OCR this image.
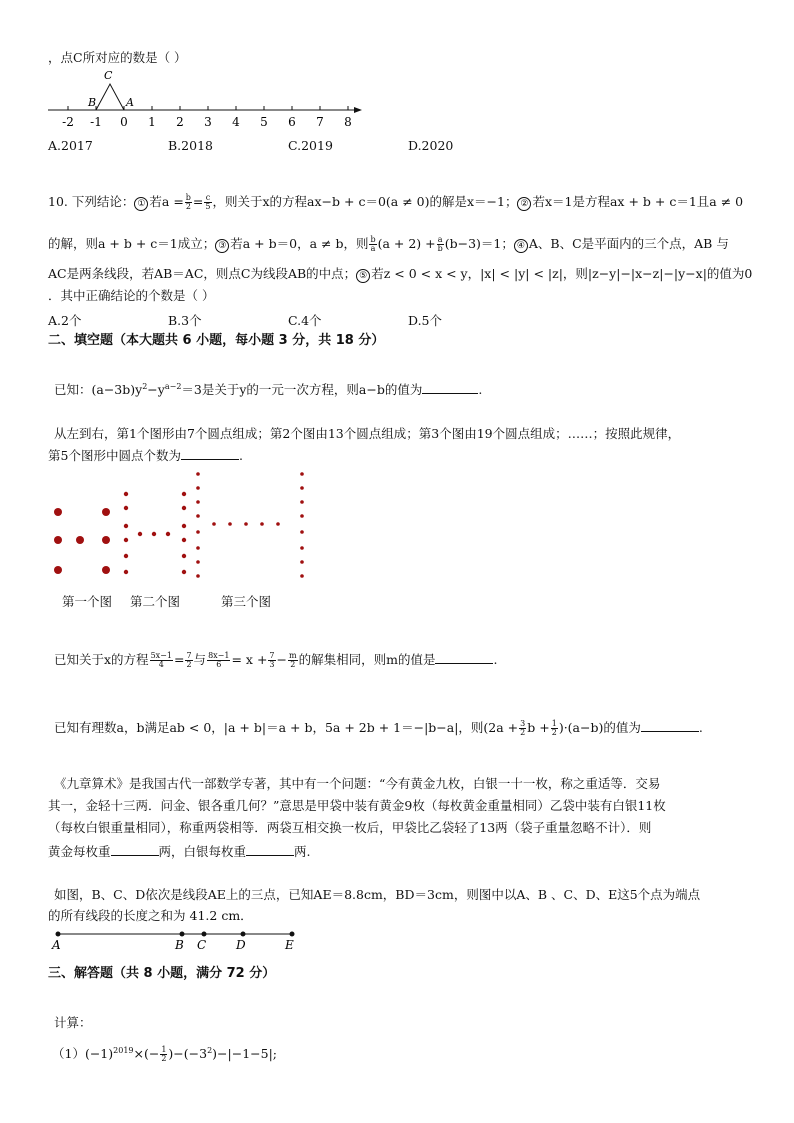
，点C所对应的数是（ ）
C
B	A
-2 -1 0 1 2 3 4 5 6 7 8
A.2017	B.2018	C.2019	D.2020
10. 下列结论： ① 若$a = \frac{b}{2} = \frac{c}{5}$ ，则关于x的方程ax−b + c＝0(a ≠ 0)的解是x＝−1； ② 若x＝1是方程ax + b + c＝1且a ≠ 0
的解，则a + b + c＝1成立； ③ 若a + b＝0，a ≠ b，则 $\frac{b}{a} (a + 2) + \frac{a}{b} (b-3)=1$； ④ A、B、C是平面内的三个点，AB 与
AC是两条线段，若AB＝AC，则点C为线段AB的中点； ⑤ 若z < 0 < x < y，|x| < |y| < |z|，则|z−y|−|x−z|−|y−x|的值为0
．其中正确结论的个数是（ ）
A.2个	B.3个	C.4个	D.5个
二、填空题（本大题共 6 小题，每小题 3 分，共 18 分）
已知：$(a-3b)y^2-y^{a-2}=3$是关于y的一元一次方程，则a−b的值为	.
从左到右，第1个图形由7个圆点组成；第2个图由13个圆点组成；第3个图由19个圆点组成；……；按照此规律，
第5个图形中圆点个数为	.
第一个图 第二个图	第三个图
已知关于x的方程 $\frac{5x-1}{4} = \frac{7}{2}$ 与 $\frac{8x-1}{6} = x + \frac{7}{3} - \frac{m}{2}$ 的解集相同，则m的值是	.
已知有理数a，b满足ab < 0，|a + b|＝a + b，5a + 2b + 1＝−|b−a|，则($2a + \frac{3}{2}$ $b + \frac{1}{2} )\cdot(a-b)$的值为	.
《九章算术》是我国古代一部数学专著，其中有一个问题：“今有黄金九枚，白银一十一枚，称之重适等．交易
其一，金轻十三两．问金、银各重几何？”意思是甲袋中装有黄金9枚（每枚黄金重量相同）乙袋中装有白银11枚
（每枚白银重量相同），称重两袋相等．两袋互相交换一枚后，甲袋比乙袋轻了13两（袋子重量忽略不计）．则
黄金每枚重	两，白银每枚重	两.
如图，B、C、D依次是线段AE上的三点，已知AE＝8.8cm，BD＝3cm，则图中以A、B 、C、D、E这5个点为端点
的所有线段的长度之和为 41.2 cm．
A	B C D	E
三、解答题（共 8 小题，满分 72 分）
计算：
$(1)(-1)^{2019}\times(- \frac{1}{2} )-(-3^2)-|-1-5|$;
